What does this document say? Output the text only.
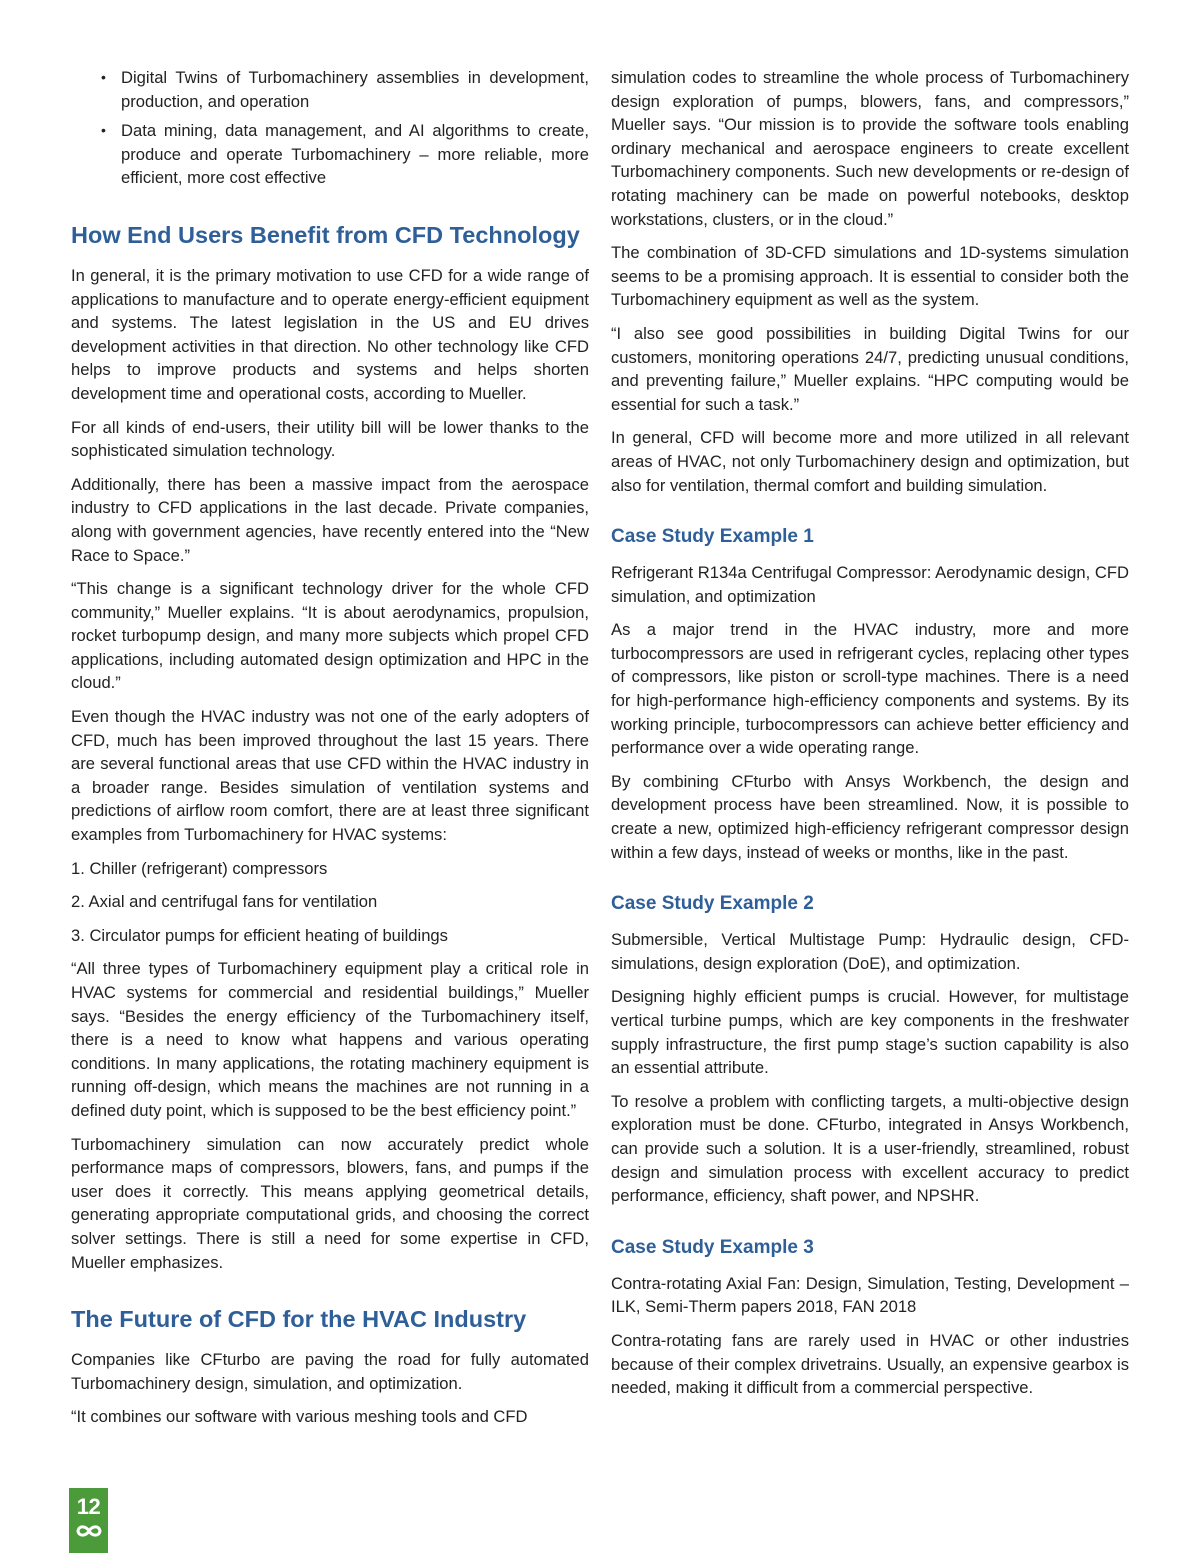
• Digital Twins of Turbomachinery assemblies in development, production, and operation
• Data mining, data management, and AI algorithms to create, produce and operate Turbomachinery – more reliable, more efficient, more cost effective
How End Users Benefit from CFD Technology

In general, it is the primary motivation to use CFD for a wide range of applications to manufacture and to operate energy-efficient equipment and systems. The latest legislation in the US and EU drives development activities in that direction. No other technology like CFD helps to improve products and systems and helps shorten development time and operational costs, according to Mueller.

For all kinds of end-users, their utility bill will be lower thanks to the sophisticated simulation technology.

Additionally, there has been a massive impact from the aerospace industry to CFD applications in the last decade. Private companies, along with government agencies, have recently entered into the “New Race to Space.”

“This change is a significant technology driver for the whole CFD community,” Mueller explains. “It is about aerodynamics, propulsion, rocket turbopump design, and many more subjects which propel CFD applications, including automated design optimization and HPC in the cloud.”

Even though the HVAC industry was not one of the early adopters of CFD, much has been improved throughout the last 15 years. There are several functional areas that use CFD within the HVAC industry in a broader range. Besides simulation of ventilation systems and predictions of airflow room comfort, there are at least three significant examples from Turbomachinery for HVAC systems:

1. Chiller (refrigerant) compressors

2. Axial and centrifugal fans for ventilation

3. Circulator pumps for efficient heating of buildings

“All three types of Turbomachinery equipment play a critical role in HVAC systems for commercial and residential buildings,” Mueller says. “Besides the energy efficiency of the Turbomachinery itself, there is a need to know what happens and various operating conditions. In many applications, the rotating machinery equipment is running off-design, which means the machines are not running in a defined duty point, which is supposed to be the best efficiency point.”

Turbomachinery simulation can now accurately predict whole performance maps of compressors, blowers, fans, and pumps if the user does it correctly. This means applying geometrical details, generating appropriate computational grids, and choosing the correct solver settings. There is still a need for some expertise in CFD, Mueller emphasizes.

The Future of CFD for the HVAC Industry

Companies like CFturbo are paving the road for fully automated Turbomachinery design, simulation, and optimization.

“It combines our software with various meshing tools and CFD

simulation codes to streamline the whole process of Turbomachinery design exploration of pumps, blowers, fans, and compressors,” Mueller says. “Our mission is to provide the software tools enabling ordinary mechanical and aerospace engineers to create excellent Turbomachinery components. Such new developments or re-design of rotating machinery can be made on powerful notebooks, desktop workstations, clusters, or in the cloud.”

The combination of 3D-CFD simulations and 1D-systems simulation seems to be a promising approach. It is essential to consider both the Turbomachinery equipment as well as the system.

“I also see good possibilities in building Digital Twins for our customers, monitoring operations 24/7, predicting unusual conditions, and preventing failure,” Mueller explains. “HPC computing would be essential for such a task.”

In general, CFD will become more and more utilized in all relevant areas of HVAC, not only Turbomachinery design and optimization, but also for ventilation, thermal comfort and building simulation.

Case Study Example 1

Refrigerant R134a Centrifugal Compressor: Aerodynamic design, CFD simulation, and optimization

As a major trend in the HVAC industry, more and more turbocompressors are used in refrigerant cycles, replacing other types of compressors, like piston or scroll-type machines. There is a need for high-performance high-efficiency components and systems. By its working principle, turbocompressors can achieve better efficiency and performance over a wide operating range.

By combining CFturbo with Ansys Workbench, the design and development process have been streamlined. Now, it is possible to create a new, optimized high-efficiency refrigerant compressor design within a few days, instead of weeks or months, like in the past.

Case Study Example 2

Submersible, Vertical Multistage Pump: Hydraulic design, CFD-simulations, design exploration (DoE), and optimization.

Designing highly efficient pumps is crucial. However, for multistage vertical turbine pumps, which are key components in the freshwater supply infrastructure, the first pump stage’s suction capability is also an essential attribute.

To resolve a problem with conflicting targets, a multi-objective design exploration must be done. CFturbo, integrated in Ansys Workbench, can provide such a solution. It is a user-friendly, streamlined, robust design and simulation process with excellent accuracy to predict performance, efficiency, shaft power, and NPSHR.

Case Study Example 3

Contra-rotating Axial Fan: Design, Simulation, Testing, Development – ILK, Semi-Therm papers 2018, FAN 2018

Contra-rotating fans are rarely used in HVAC or other industries because of their complex drivetrains. Usually, an expensive gearbox is needed, making it difficult from a commercial perspective.

12
